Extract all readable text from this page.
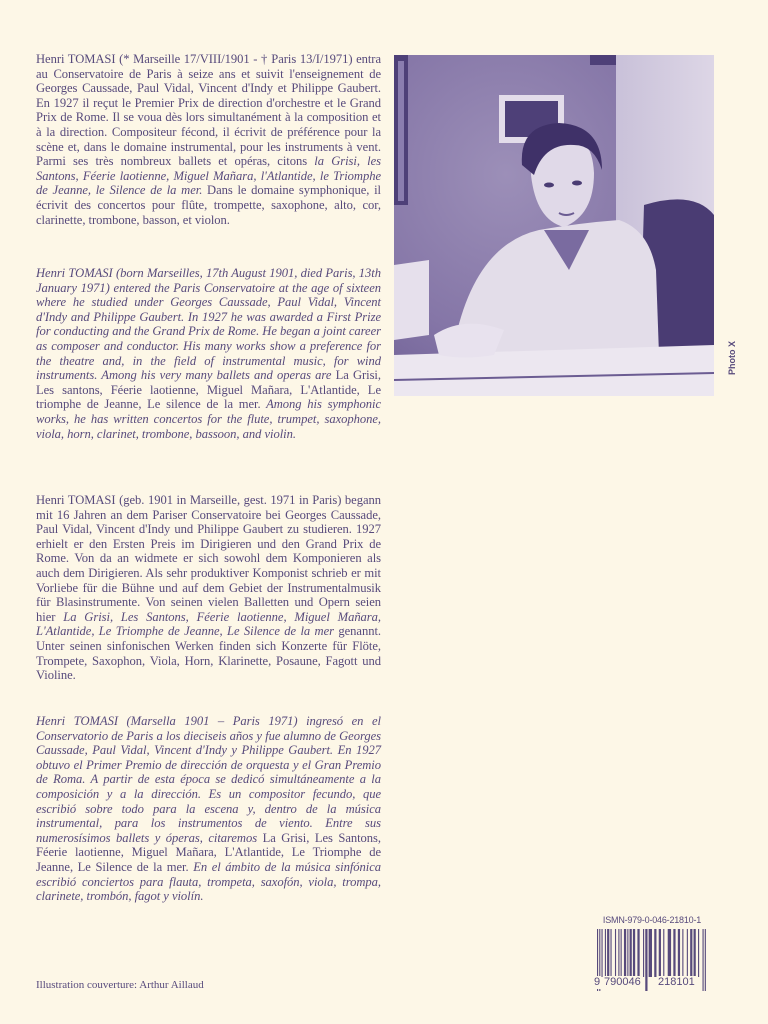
Henri TOMASI (* Marseille 17/VIII/1901 - † Paris 13/I/1971) entra au Conservatoire de Paris à seize ans et suivit l'enseignement de Georges Caussade, Paul Vidal, Vincent d'Indy et Philippe Gaubert. En 1927 il reçut le Premier Prix de direction d'orchestre et le Grand Prix de Rome. Il se voua dès lors simultanément à la composition et à la direction. Compositeur fécond, il écrivit de préférence pour la scène et, dans le domaine instrumental, pour les instruments à vent. Parmi ses très nombreux ballets et opéras, citons la Grisi, les Santons, Féerie laotienne, Miguel Mañara, l'Atlantide, le Triomphe de Jeanne, le Silence de la mer. Dans le domaine symphonique, il écrivit des concertos pour flûte, trompette, saxophone, alto, cor, clarinette, trombone, basson, et violon.

Henri TOMASI (born Marseilles, 17th August 1901, died Paris, 13th January 1971) entered the Paris Conservatoire at the age of sixteen where he studied under Georges Caussade, Paul Vidal, Vincent d'Indy and Philippe Gaubert. In 1927 he was awarded a First Prize for conducting and the Grand Prix de Rome. He began a joint career as composer and conductor. His many works show a preference for the theatre and, in the field of instrumental music, for wind instruments. Among his very many ballets and operas are La Grisi, Les santons, Féerie laotienne, Miguel Mañara, L'Atlantide, Le triomphe de Jeanne, Le silence de la mer. Among his symphonic works, he has written concertos for the flute, trumpet, saxophone, viola, horn, clarinet, trombone, bassoon, and violin.

Henri TOMASI (geb. 1901 in Marseille, gest. 1971 in Paris) begann mit 16 Jahren an dem Pariser Conservatoire bei Georges Caussade, Paul Vidal, Vincent d'Indy und Philippe Gaubert zu studieren. 1927 erhielt er den Ersten Preis im Dirigieren und den Grand Prix de Rome. Von da an widmete er sich sowohl dem Komponieren als auch dem Dirigieren. Als sehr produktiver Komponist schrieb er mit Vorliebe für die Bühne und auf dem Gebiet der Instrumentalmusik für Blasinstrumente. Von seinen vielen Balletten und Opern seien hier La Grisi, Les Santons, Féerie laotienne, Miguel Mañara, L'Atlantide, Le Triomphe de Jeanne, Le Silence de la mer genannt. Unter seinen sinfonischen Werken finden sich Konzerte für Flöte, Trompete, Saxophon, Viola, Horn, Klarinette, Posaune, Fagott und Violine.

Henri TOMASI (Marsella 1901 – Paris 1971) ingresó en el Conservatorio de Paris a los dieciseis años y fue alumno de Georges Caussade, Paul Vidal, Vincent d'Indy y Philippe Gaubert. En 1927 obtuvo el Primer Premio de dirección de orquesta y el Gran Premio de Roma. A partir de esta época se dedicó simultáneamente a la composición y a la dirección. Es un compositor fecundo, que escribió sobre todo para la escena y, dentro de la música instrumental, para los instrumentos de viento. Entre sus numerosísimos ballets y óperas, citaremos La Grisi, Les Santons, Féerie laotienne, Miguel Mañara, L'Atlantide, Le Triomphe de Jeanne, Le Silence de la mer. En el ámbito de la música sinfónica escribió conciertos para flauta, trompeta, saxofón, viola, trompa, clarinete, trombón, fagot y violín.

Photo X
Illustration couverture: Arthur Aillaud
ISMN-979-0-046-21810-1
9 790046 218101
